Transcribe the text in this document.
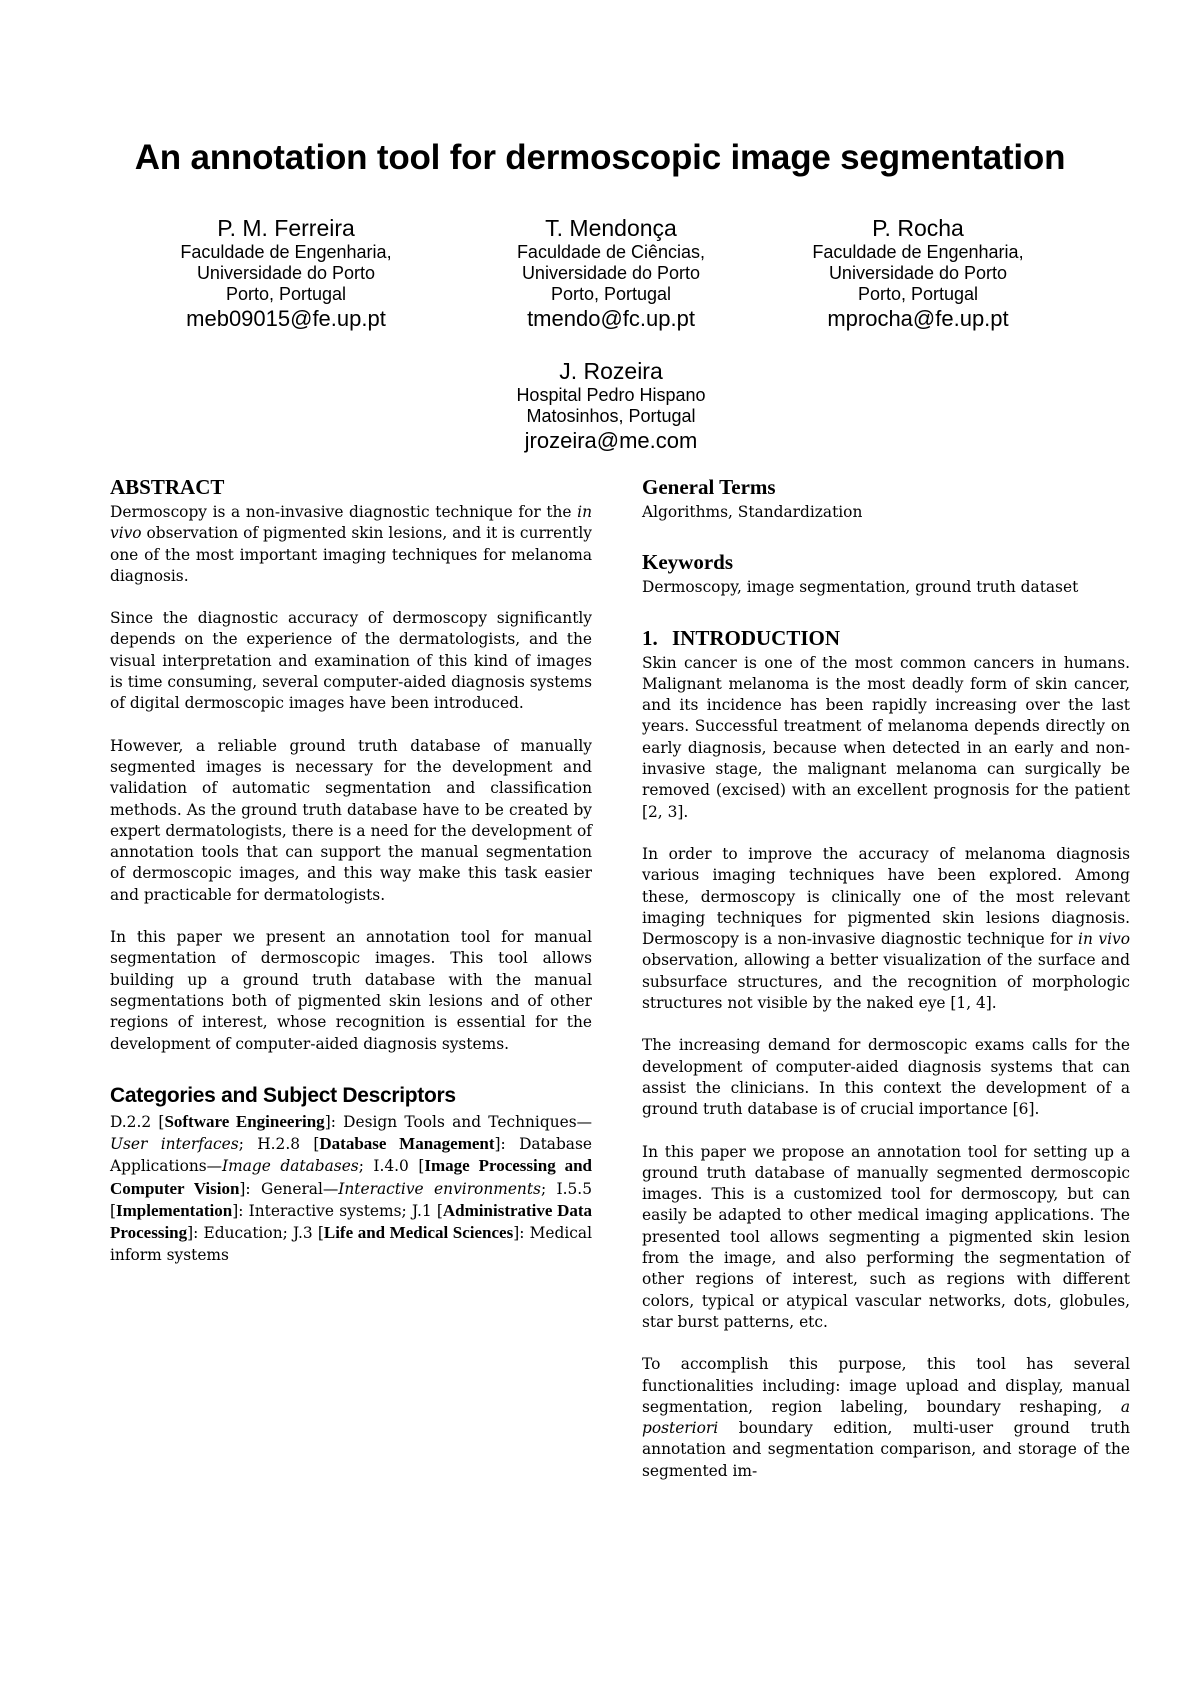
An annotation tool for dermoscopic image segmentation
P. M. Ferreira
Faculdade de Engenharia,
Universidade do Porto
Porto, Portugal
meb09015@fe.up.pt
T. Mendonça
Faculdade de Ciências,
Universidade do Porto
Porto, Portugal
tmendo@fc.up.pt
P. Rocha
Faculdade de Engenharia,
Universidade do Porto
Porto, Portugal
mprocha@fe.up.pt
J. Rozeira
Hospital Pedro Hispano
Matosinhos, Portugal
jrozeira@me.com
ABSTRACT

Dermoscopy is a non-invasive diagnostic technique for the in vivo observation of pigmented skin lesions, and it is currently one of the most important imaging techniques for melanoma diagnosis.

Since the diagnostic accuracy of dermoscopy significantly depends on the experience of the dermatologists, and the visual interpretation and examination of this kind of images is time consuming, several computer-aided diagnosis systems of digital dermoscopic images have been introduced.

However, a reliable ground truth database of manually segmented images is necessary for the development and validation of automatic segmentation and classification methods. As the ground truth database have to be created by expert dermatologists, there is a need for the development of annotation tools that can support the manual segmentation of dermoscopic images, and this way make this task easier and practicable for dermatologists.

In this paper we present an annotation tool for manual segmentation of dermoscopic images. This tool allows building up a ground truth database with the manual segmentations both of pigmented skin lesions and of other regions of interest, whose recognition is essential for the development of computer-aided diagnosis systems.

Categories and Subject Descriptors

D.2.2 [Software Engineering]: Design Tools and Techniques—User interfaces; H.2.8 [Database Management]: Database Applications—Image databases; I.4.0 [Image Processing and Computer Vision]: General—Interactive environments; I.5.5 [Implementation]: Interactive systems; J.1 [Administrative Data Processing]: Education; J.3 [Life and Medical Sciences]: Medical inform systems

General Terms

Algorithms, Standardization

Keywords

Dermoscopy, image segmentation, ground truth dataset

1. INTRODUCTION

Skin cancer is one of the most common cancers in humans. Malignant melanoma is the most deadly form of skin cancer, and its incidence has been rapidly increasing over the last years. Successful treatment of melanoma depends directly on early diagnosis, because when detected in an early and non-invasive stage, the malignant melanoma can surgically be removed (excised) with an excellent prognosis for the patient [2, 3].

In order to improve the accuracy of melanoma diagnosis various imaging techniques have been explored. Among these, dermoscopy is clinically one of the most relevant imaging techniques for pigmented skin lesions diagnosis. Dermoscopy is a non-invasive diagnostic technique for in vivo observation, allowing a better visualization of the surface and subsurface structures, and the recognition of morphologic structures not visible by the naked eye [1, 4].

The increasing demand for dermoscopic exams calls for the development of computer-aided diagnosis systems that can assist the clinicians. In this context the development of a ground truth database is of crucial importance [6].

In this paper we propose an annotation tool for setting up a ground truth database of manually segmented dermoscopic images. This is a customized tool for dermoscopy, but can easily be adapted to other medical imaging applications. The presented tool allows segmenting a pigmented skin lesion from the image, and also performing the segmentation of other regions of interest, such as regions with different colors, typical or atypical vascular networks, dots, globules, star burst patterns, etc.

To accomplish this purpose, this tool has several functionalities including: image upload and display, manual segmentation, region labeling, boundary reshaping, a posteriori boundary edition, multi-user ground truth annotation and segmentation comparison, and storage of the segmented im-
